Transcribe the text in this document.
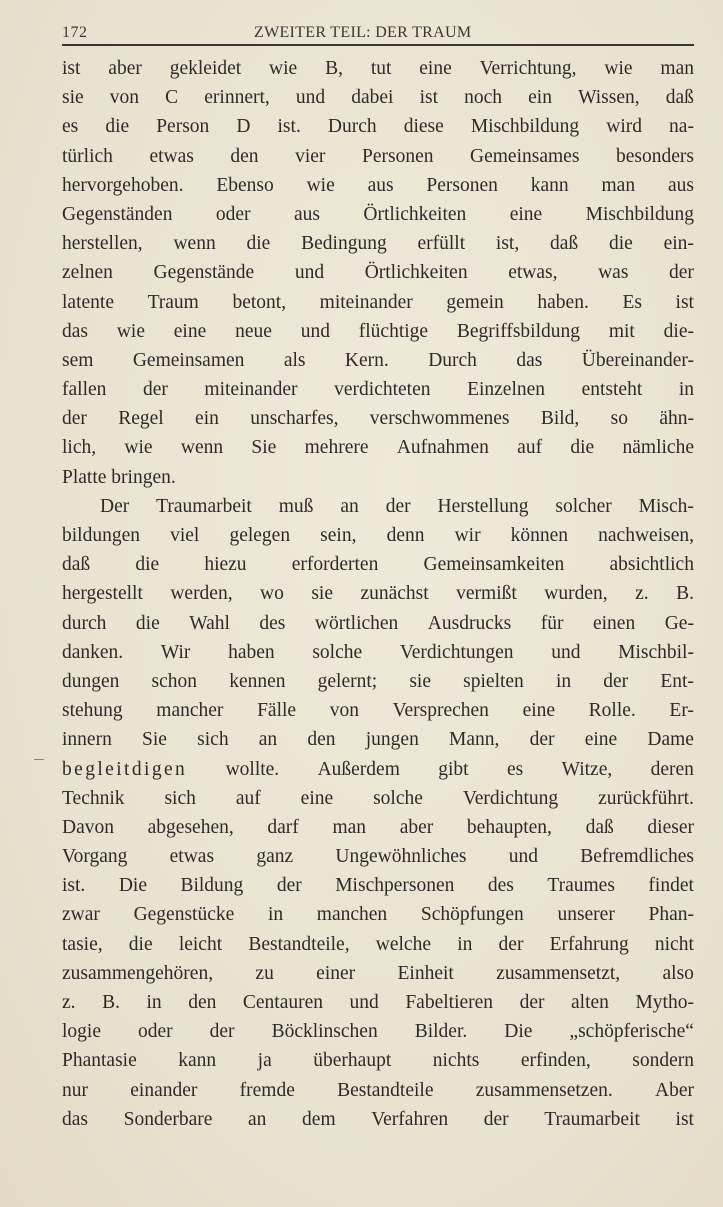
172	ZWEITER TEIL: DER TRAUM
ist aber gekleidet wie B, tut eine Verrichtung, wie man
sie von C erinnert, und dabei ist noch ein Wissen, daß
es die Person D ist. Durch diese Mischbildung wird na-
türlich etwas den vier Personen Gemeinsames besonders
hervorgehoben. Ebenso wie aus Personen kann man aus
Gegenständen oder aus Örtlichkeiten eine Mischbildung
herstellen, wenn die Bedingung erfüllt ist, daß die ein-
zelnen Gegenstände und Örtlichkeiten etwas, was der
latente Traum betont, miteinander gemein haben. Es ist
das wie eine neue und flüchtige Begriffsbildung mit die-
sem Gemeinsamen als Kern. Durch das Übereinander-
fallen der miteinander verdichteten Einzelnen entsteht in
der Regel ein unscharfes, verschwommenes Bild, so ähn-
lich, wie wenn Sie mehrere Aufnahmen auf die nämliche
Platte bringen.
Der Traumarbeit muß an der Herstellung solcher Misch-
bildungen viel gelegen sein, denn wir können nachweisen,
daß die hiezu erforderten Gemeinsamkeiten absichtlich
hergestellt werden, wo sie zunächst vermißt wurden, z. B.
durch die Wahl des wörtlichen Ausdrucks für einen Ge-
danken. Wir haben solche Verdichtungen und Mischbil-
dungen schon kennen gelernt; sie spielten in der Ent-
stehung mancher Fälle von Versprechen eine Rolle. Er-
innern Sie sich an den jungen Mann, der eine Dame
begleitdigen wollte. Außerdem gibt es Witze, deren
Technik sich auf eine solche Verdichtung zurückführt.
Davon abgesehen, darf man aber behaupten, daß dieser
Vorgang etwas ganz Ungewöhnliches und Befremdliches
ist. Die Bildung der Mischpersonen des Traumes findet
zwar Gegenstücke in manchen Schöpfungen unserer Phan-
tasie, die leicht Bestandteile, welche in der Erfahrung nicht
zusammengehören, zu einer Einheit zusammensetzt, also
z. B. in den Centauren und Fabeltieren der alten Mytho-
logie oder der Böcklinschen Bilder. Die „schöpferische“
Phantasie kann ja überhaupt nichts erfinden, sondern
nur einander fremde Bestandteile zusammensetzen. Aber
das Sonderbare an dem Verfahren der Traumarbeit ist
